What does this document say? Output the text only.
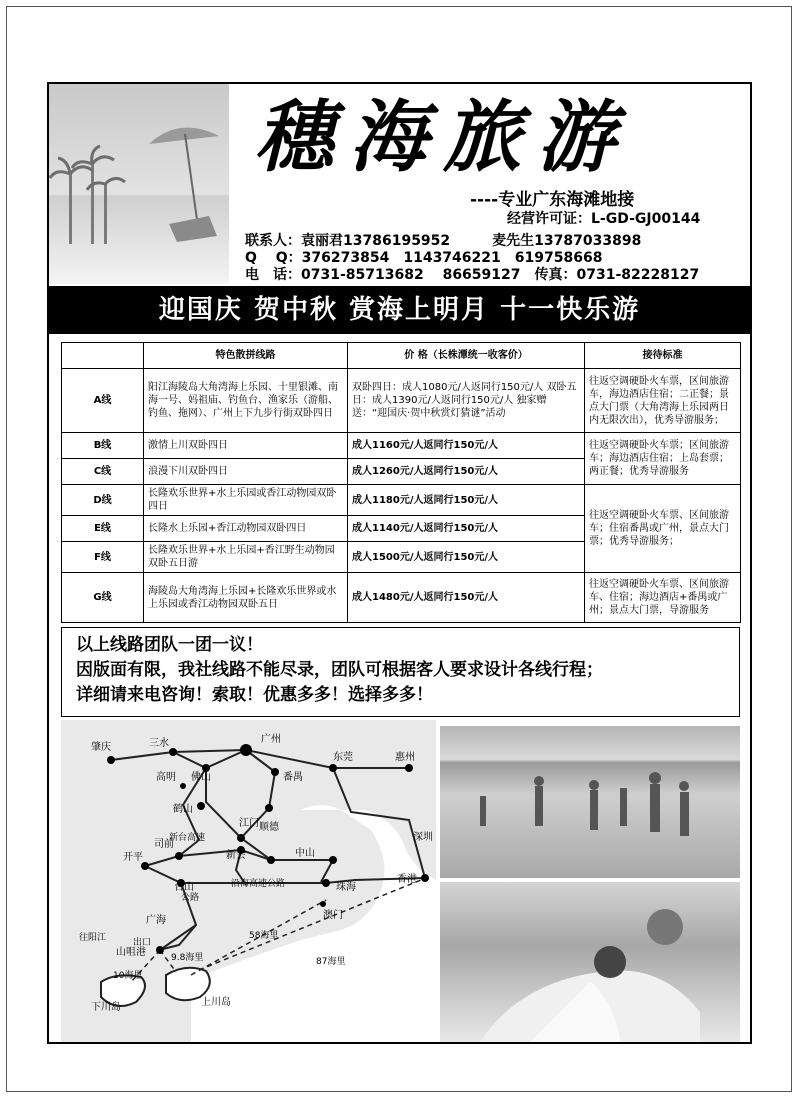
穗海旅游
----专业广东海滩地接
经营许可证：L-GD-GJ00144
联系人：袁丽君13786195952　　　麦先生13787033898
Q　 Q：376273854　1143746221　619758668
电　话：0731-85713682　 86659127　传真：0731-82228127
迎国庆 贺中秋 赏海上明月 十一快乐游
	特色散拼线路	价 格（长株潭统一收客价）	接待标准
A线	阳江海陵岛大角湾海上乐园、十里银滩、南海一号、妈祖庙、钓鱼台、渔家乐（游船、钓鱼、拖网）、广州上下九步行街双卧四日	双卧四日：成人1080元/人返同行150元/人 双卧五日：成人1390元/人返同行150元/人 独家赠送：“迎国庆·贺中秋赏灯猜谜”活动	往返空调硬卧火车票，区间旅游车，海边酒店住宿；二正餐；景点大门票（大角湾海上乐园两日内无限次出），优秀导游服务；
B线	激情上川双卧四日	成人1160元/人返同行150元/人	往返空调硬卧火车票；区间旅游车；海边酒店住宿；上岛套票；两正餐；优秀导游服务
C线	浪漫下川双卧四日	成人1260元/人返同行150元/人	
D线	长隆欢乐世界+水上乐园或香江动物园双卧四日	成人1180元/人返同行150元/人	往返空调硬卧火车票、区间旅游车；住宿番禺或广州，景点大门票；优秀导游服务；
E线	长隆水上乐园+香江动物园双卧四日	成人1140元/人返同行150元/人	
F线	长隆欢乐世界+水上乐园+香江野生动物园双卧五日游	成人1500元/人返同行150元/人	
G线	海陵岛大角湾海上乐园+长隆欢乐世界或水上乐园或香江动物园双卧五日	成人1480元/人返同行150元/人	往返空调硬卧火车票、区间旅游车、住宿；海边酒店+番禺或广州；景点大门票，导游服务
以上线路团队一团一议！
因版面有限，我社线路不能尽录，团队可根据客人要求设计各线行程；
详细请来电咨询！索取！优惠多多！选择多多！
肇庆	三水	广州
东莞	惠州
高明 佛山	番禺
鹤山
顺德
江门
司前
中山
深圳
开平	新会
台山	珠海
香港
澳门
广海
山咀港
下川岛	上川岛
沿海高速公路
往阳江	出口
公路
新台高速
58海里
87海里
9.8海里
10海里
